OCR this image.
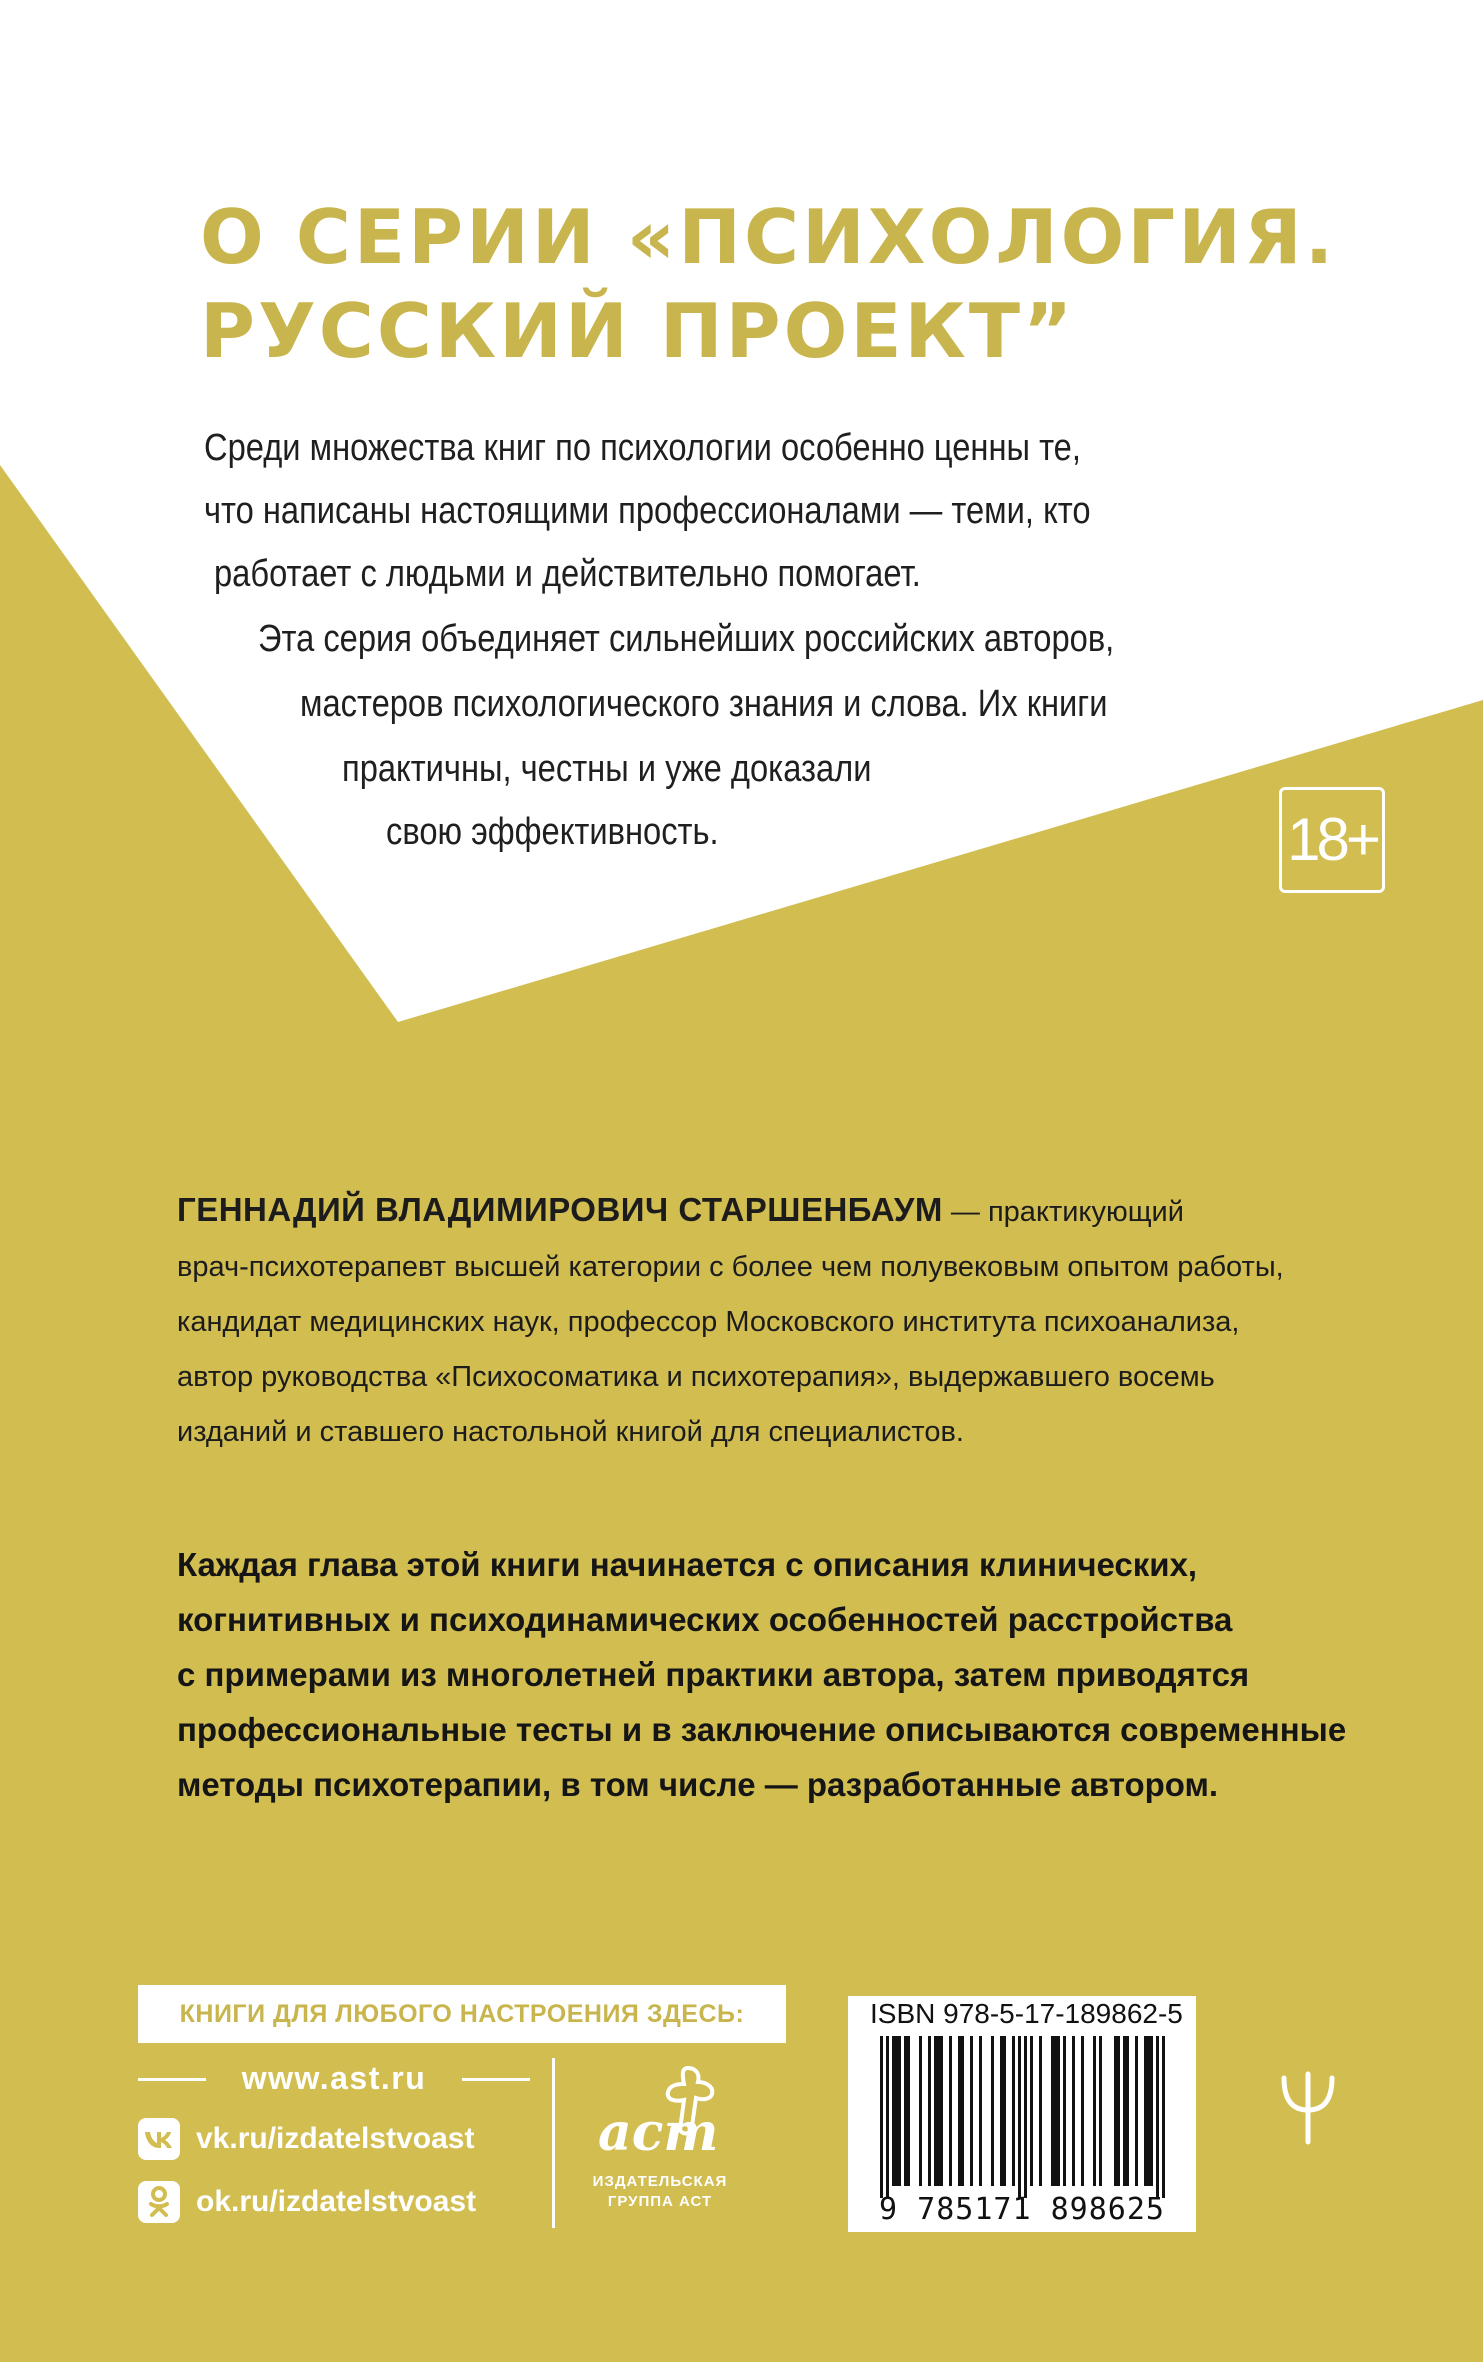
О СЕРИИ «ПСИХОЛОГИЯ.
РУССКИЙ ПРОЕКТ”

Среди множества книг по психологии особенно ценны те,

что написаны настоящими профессионалами — теми, кто

работает с людьми и действительно помогает.

Эта серия объединяет сильнейших российских авторов,

мастеров психологического знания и слова. Их книги

практичны, честны и уже доказали

свою эффективность.	18+

ГЕННАДИЙ ВЛАДИМИРОВИЧ СТАРШЕНБАУМ — практикующий
врач-психотерапевт высшей категории с более чем полувековым опытом работы,
кандидат медицинских наук, профессор Московского института психоанализа,
автор руководства «Психосоматика и психотерапия», выдержавшего восемь
изданий и ставшего настольной книгой для специалистов.

Каждая глава этой книги начинается с описания клинических,
когнитивных и психодинамических особенностей расстройства
с примерами из многолетней практики автора, затем приводятся
профессиональные тесты и в заключение описываются современные
методы психотерапии, в том числе — разработанные автором.

КНИГИ ДЛЯ ЛЮБОГО НАСТРОЕНИЯ ЗДЕСЬ:
www.ast.ru
vk.ru/izdatelstvoast
ok.ru/izdatelstvoast
аст
ИЗДАТЕЛЬСКАЯ
ГРУППА АСТ
ISBN 978-5-17-189862-5
9 785171 898625
